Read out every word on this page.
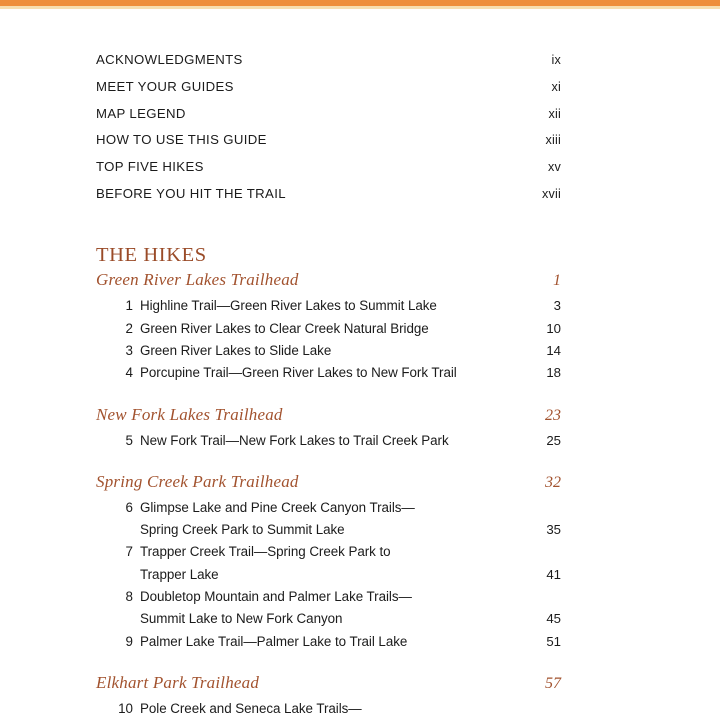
ACKNOWLEDGMENTS	ix
MEET YOUR GUIDES	xi
MAP LEGEND	xii
HOW TO USE THIS GUIDE	xiii
TOP FIVE HIKES	xv
BEFORE YOU HIT THE TRAIL	xvii
THE HIKES
Green River Lakes Trailhead	1
1 Highline Trail—Green River Lakes to Summit Lake	3
2 Green River Lakes to Clear Creek Natural Bridge	10
3 Green River Lakes to Slide Lake	14
4 Porcupine Trail—Green River Lakes to New Fork Trail	18
New Fork Lakes Trailhead	23
5 New Fork Trail—New Fork Lakes to Trail Creek Park	25
Spring Creek Park Trailhead	32
6 Glimpse Lake and Pine Creek Canyon Trails—
Spring Creek Park to Summit Lake	35
7 Trapper Creek Trail—Spring Creek Park to
Trapper Lake	41
8 Doubletop Mountain and Palmer Lake Trails—
Summit Lake to New Fork Canyon	45
9 Palmer Lake Trail—Palmer Lake to Trail Lake	51
Elkhart Park Trailhead	57
10 Pole Creek and Seneca Lake Trails—
